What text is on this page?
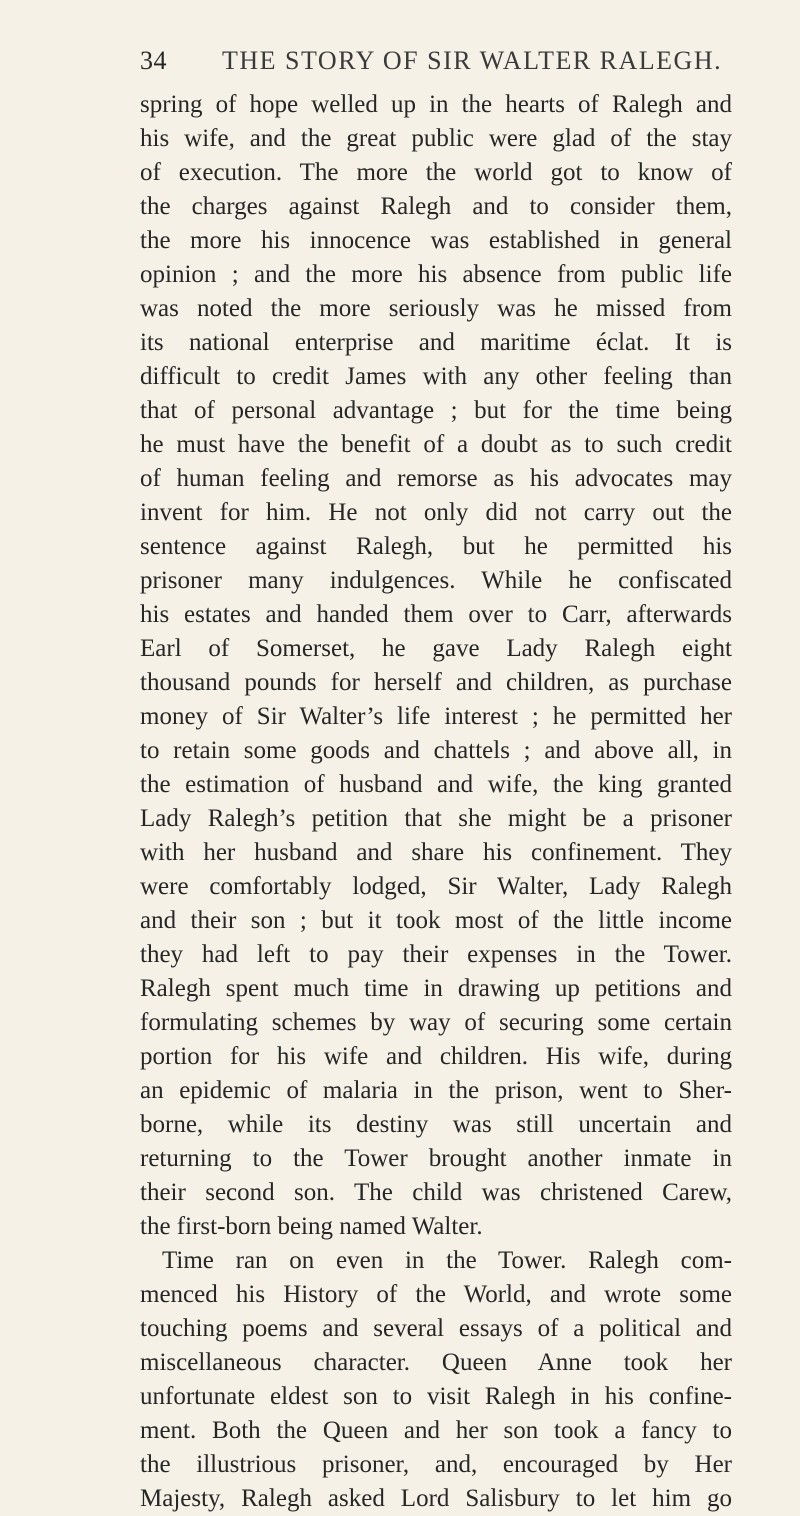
34 THE STORY OF SIR WALTER RALEGH.
spring of hope welled up in the hearts of Ralegh and
his wife, and the great public were glad of the stay
of execution. The more the world got to know of
the charges against Ralegh and to consider them,
the more his innocence was established in general
opinion ; and the more his absence from public life
was noted the more seriously was he missed from
its national enterprise and maritime éclat. It is
difficult to credit James with any other feeling than
that of personal advantage ; but for the time being
he must have the benefit of a doubt as to such credit
of human feeling and remorse as his advocates may
invent for him. He not only did not carry out the
sentence against Ralegh, but he permitted his
prisoner many indulgences. While he confiscated
his estates and handed them over to Carr, afterwards
Earl of Somerset, he gave Lady Ralegh eight
thousand pounds for herself and children, as purchase
money of Sir Walter’s life interest ; he permitted her
to retain some goods and chattels ; and above all, in
the estimation of husband and wife, the king granted
Lady Ralegh’s petition that she might be a prisoner
with her husband and share his confinement. They
were comfortably lodged, Sir Walter, Lady Ralegh
and their son ; but it took most of the little income
they had left to pay their expenses in the Tower.
Ralegh spent much time in drawing up petitions and
formulating schemes by way of securing some certain
portion for his wife and children. His wife, during
an epidemic of malaria in the prison, went to Sher-
borne, while its destiny was still uncertain and
returning to the Tower brought another inmate in
their second son. The child was christened Carew,
the first-born being named Walter.
Time ran on even in the Tower. Ralegh com-
menced his History of the World, and wrote some
touching poems and several essays of a political and
miscellaneous character. Queen Anne took her
unfortunate eldest son to visit Ralegh in his confine-
ment. Both the Queen and her son took a fancy to
the illustrious prisoner, and, encouraged by Her
Majesty, Ralegh asked Lord Salisbury to let him go
